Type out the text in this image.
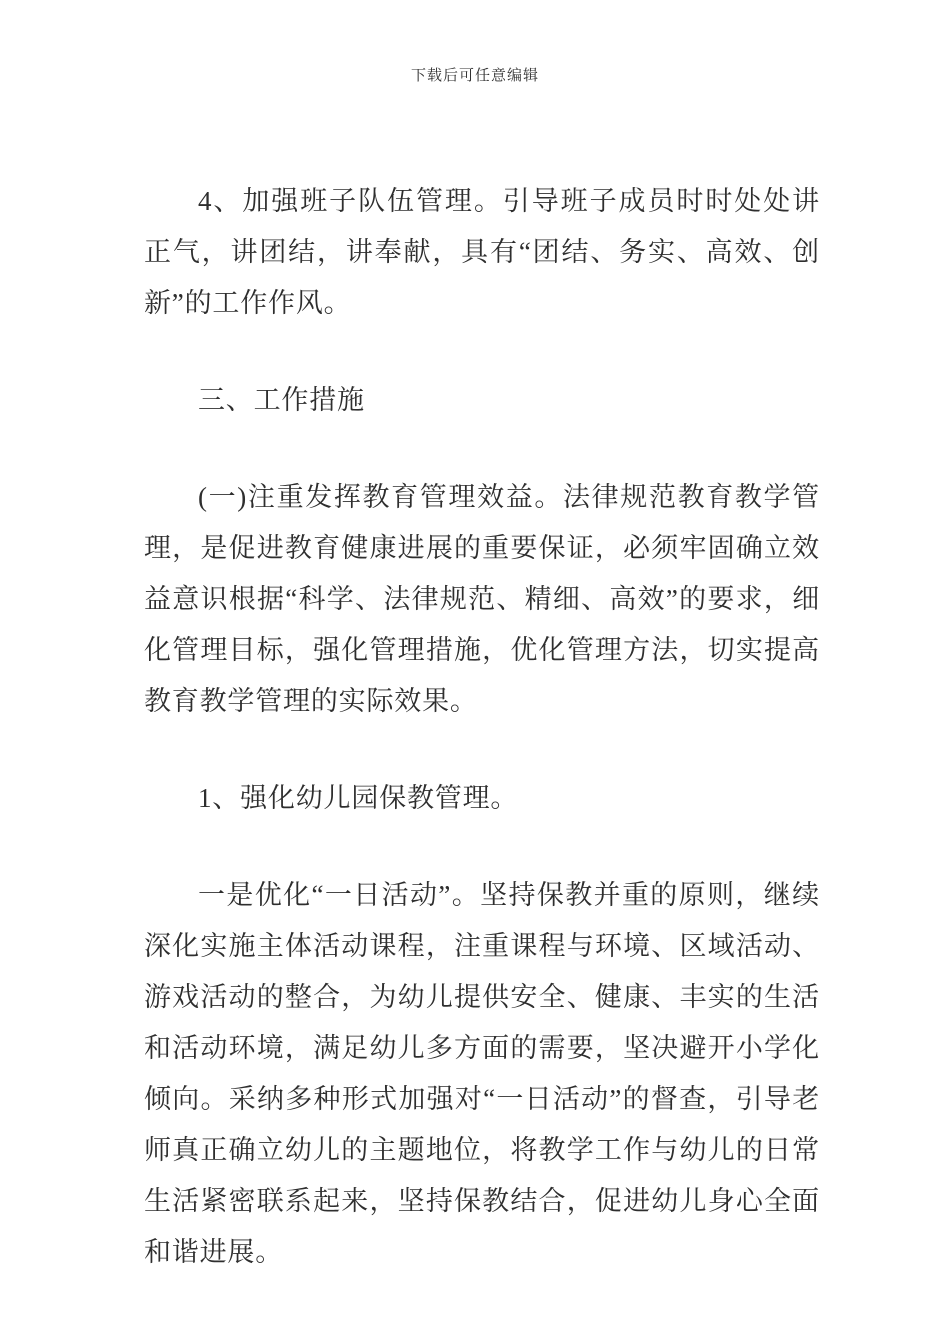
下载后可任意编辑

4、加强班子队伍管理。引导班子成员时时处处讲正气，讲团结，讲奉献，具有“团结、务实、高效、创新”的工作作风。

三、工作措施

(一)注重发挥教育管理效益。法律规范教育教学管理，是促进教育健康进展的重要保证，必须牢固确立效益意识根据“科学、法律规范、精细、高效”的要求，细化管理目标，强化管理措施，优化管理方法，切实提高教育教学管理的实际效果。

1、强化幼儿园保教管理。

一是优化“一日活动”。坚持保教并重的原则，继续深化实施主体活动课程，注重课程与环境、区域活动、游戏活动的整合，为幼儿提供安全、健康、丰实的生活和活动环境，满足幼儿多方面的需要，坚决避开小学化倾向。采纳多种形式加强对“一日活动”的督查，引导老师真正确立幼儿的主题地位，将教学工作与幼儿的日常生活紧密联系起来，坚持保教结合，促进幼儿身心全面和谐进展。
